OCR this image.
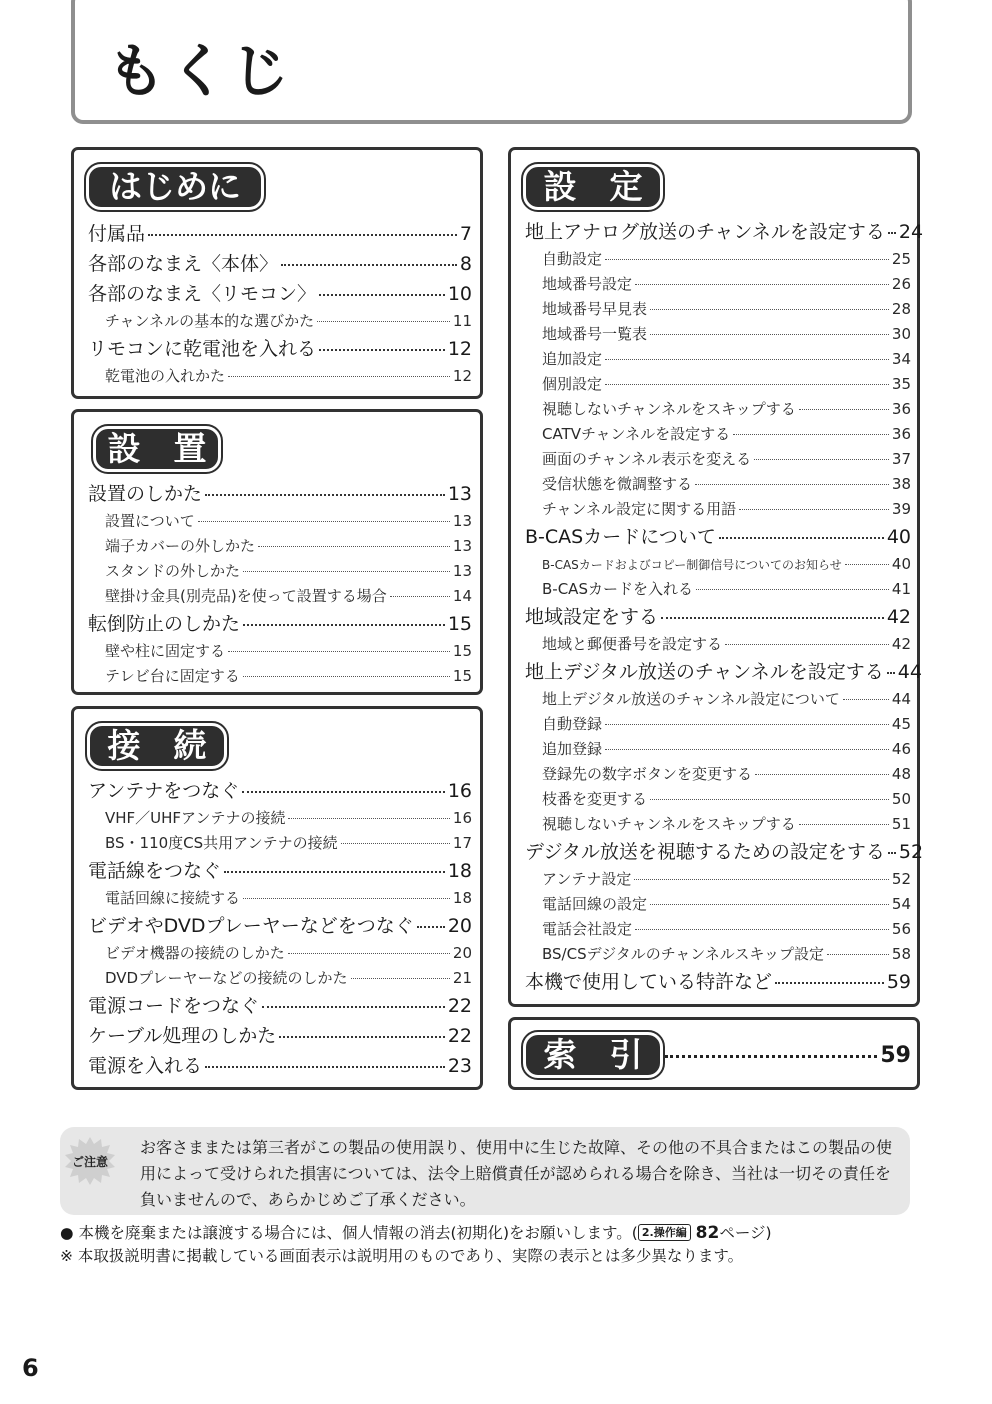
もくじ
はじめに
付属品	7
各部のなまえ〈本体〉	8
各部のなまえ〈リモコン〉	10
チャンネルの基本的な選びかた	11
リモコンに乾電池を入れる	12
乾電池の入れかた	12
設　置
設置のしかた	13
設置について	13
端子カバーの外しかた	13
スタンドの外しかた	13
壁掛け金具(別売品)を使って設置する場合	14
転倒防止のしかた	15
壁や柱に固定する	15
テレビ台に固定する	15
接　続
アンテナをつなぐ	16
VHF／UHFアンテナの接続	16
BS・110度CS共用アンテナの接続	17
電話線をつなぐ	18
電話回線に接続する	18
ビデオやDVDプレーヤーなどをつなぐ 20
ビデオ機器の接続のしかた	20
DVDプレーヤーなどの接続のしかた	21
電源コードをつなぐ	22
ケーブル処理のしかた	22
電源を入れる	23
設　定
地上アナログ放送のチャンネルを設定する 24
自動設定	25
地域番号設定	26
地域番号早見表	28
地域番号一覧表	30
追加設定	34
個別設定	35
視聴しないチャンネルをスキップする	36
CATVチャンネルを設定する	36
画面のチャンネル表示を変える	37
受信状態を微調整する	38
チャンネル設定に関する用語	39
B-CASカードについて	40
B-CASカードおよびコピー制御信号についてのお知らせ	40
B-CASカードを入れる	41
地域設定をする	42
地域と郵便番号を設定する	42
地上デジタル放送のチャンネルを設定する 44
地上デジタル放送のチャンネル設定について	44
自動登録	45
追加登録	46
登録先の数字ボタンを変更する	48
枝番を変更する	50
視聴しないチャンネルをスキップする	51
デジタル放送を視聴するための設定をする 52
アンテナ設定	52
電話回線の設定	54
電話会社設定	56
BS/CSデジタルのチャンネルスキップ設定	58
本機で使用している特許など	59
索　引	59
ご注意
お客さままたは第三者がこの製品の使用誤り、使用中に生じた故障、その他の不具合またはこの製品の使用によって受けられた損害については、法令上賠償責任が認められる場合を除き、当社は一切その責任を負いませんので、あらかじめご了承ください。
● 本機を廃棄または譲渡する場合には、個人情報の消去(初期化)をお願いします。( 2.操作編 82ページ)
※ 本取扱説明書に掲載している画面表示は説明用のものであり、実際の表示とは多少異なります。
6
